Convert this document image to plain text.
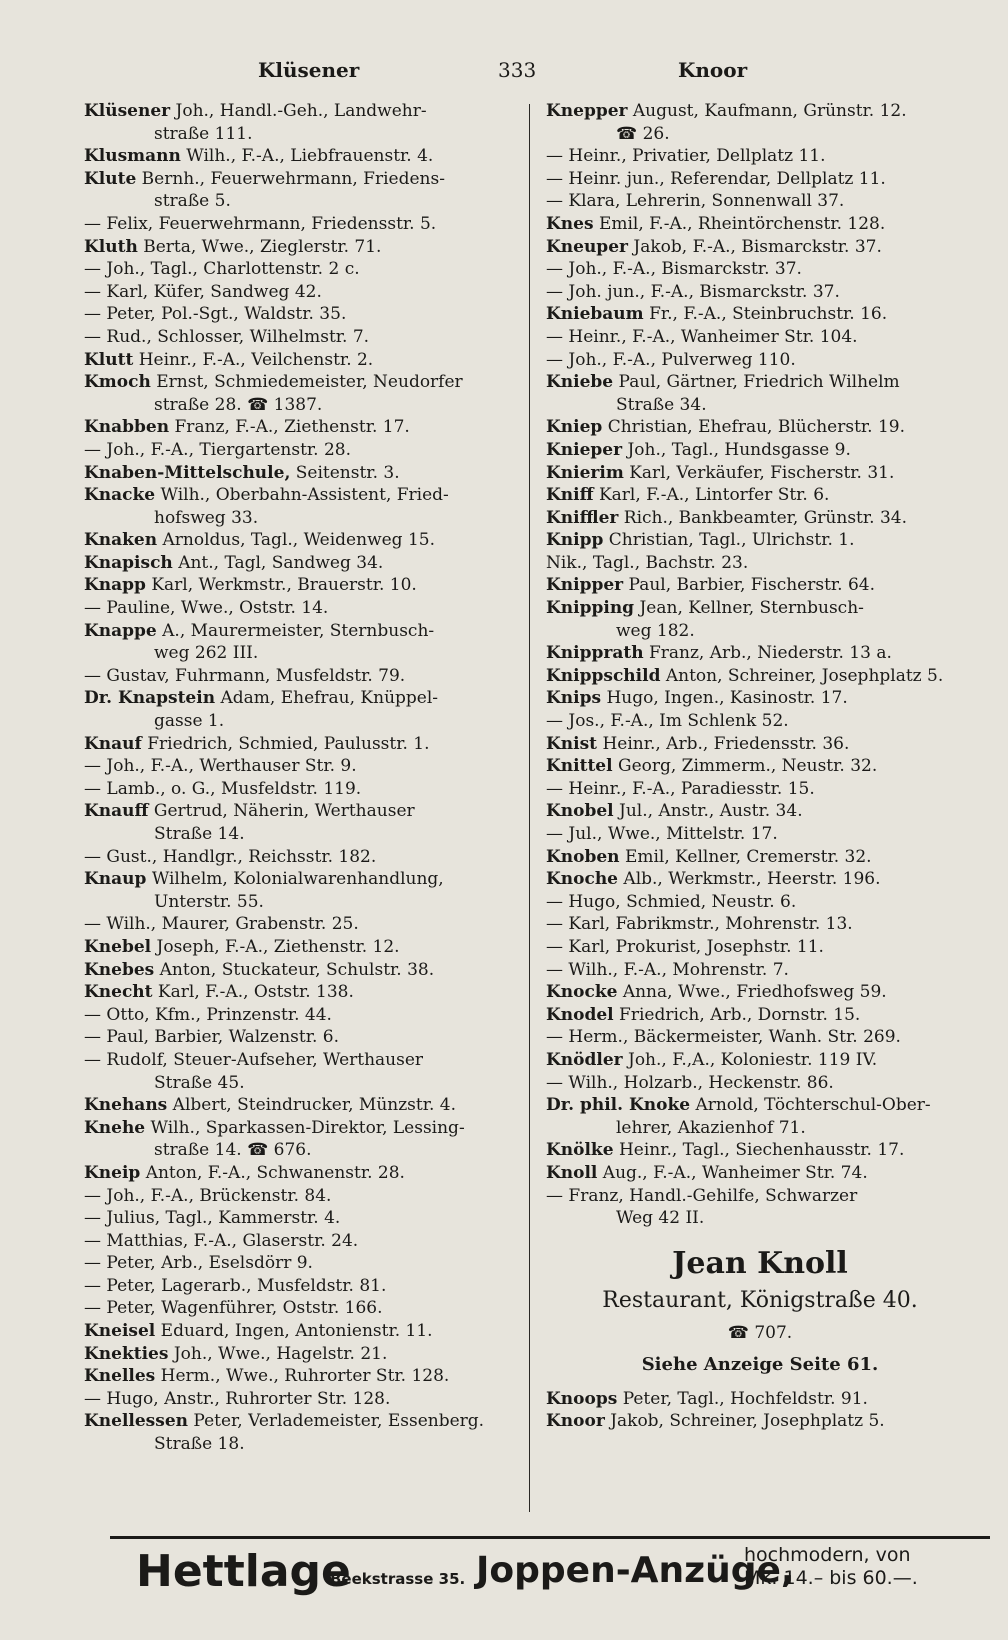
Klüsener	333	Knoor
Klüsener Joh., Handl.-Geh., Landwehr-
straße 111.
Klusmann Wilh., F.-A., Liebfrauenstr. 4.
Klute Bernh., Feuerwehrmann, Friedens-
straße 5.
— Felix, Feuerwehrmann, Friedensstr. 5.
Kluth Berta, Wwe., Zieglerstr. 71.
— Joh., Tagl., Charlottenstr. 2 c.
— Karl, Küfer, Sandweg 42.
— Peter, Pol.-Sgt., Waldstr. 35.
— Rud., Schlosser, Wilhelmstr. 7.
Klutt Heinr., F.-A., Veilchenstr. 2.
Kmoch Ernst, Schmiedemeister, Neudorfer
straße 28. ☎ 1387.
Knabben Franz, F.-A., Ziethenstr. 17.
— Joh., F.-A., Tiergartenstr. 28.
Knaben-Mittelschule, Seitenstr. 3.
Knacke Wilh., Oberbahn-Assistent, Fried-
hofsweg 33.
Knaken Arnoldus, Tagl., Weidenweg 15.
Knapisch Ant., Tagl, Sandweg 34.
Knapp Karl, Werkmstr., Brauerstr. 10.
— Pauline, Wwe., Oststr. 14.
Knappe A., Maurermeister, Sternbusch-
weg 262 III.
— Gustav, Fuhrmann, Musfeldstr. 79.
Dr. Knapstein Adam, Ehefrau, Knüppel-
gasse 1.
Knauf Friedrich, Schmied, Paulusstr. 1.
— Joh., F.-A., Werthauser Str. 9.
— Lamb., o. G., Musfeldstr. 119.
Knauff Gertrud, Näherin, Werthauser
Straße 14.
— Gust., Handlgr., Reichsstr. 182.
Knaup Wilhelm, Kolonialwarenhandlung,
Unterstr. 55.
— Wilh., Maurer, Grabenstr. 25.
Knebel Joseph, F.-A., Ziethenstr. 12.
Knebes Anton, Stuckateur, Schulstr. 38.
Knecht Karl, F.-A., Oststr. 138.
— Otto, Kfm., Prinzenstr. 44.
— Paul, Barbier, Walzenstr. 6.
— Rudolf, Steuer-Aufseher, Werthauser
Straße 45.
Knehans Albert, Steindrucker, Münzstr. 4.
Knehe Wilh., Sparkassen-Direktor, Lessing-
straße 14. ☎ 676.
Kneip Anton, F.-A., Schwanenstr. 28.
— Joh., F.-A., Brückenstr. 84.
— Julius, Tagl., Kammerstr. 4.
— Matthias, F.-A., Glaserstr. 24.
— Peter, Arb., Eselsdörr 9.
— Peter, Lagerarb., Musfeldstr. 81.
— Peter, Wagenführer, Oststr. 166.
Kneisel Eduard, Ingen, Antonienstr. 11.
Knekties Joh., Wwe., Hagelstr. 21.
Knelles Herm., Wwe., Ruhrorter Str. 128.
— Hugo, Anstr., Ruhrorter Str. 128.
Knellessen Peter, Verlademeister, Essenberg.
Straße 18.
Knepper August, Kaufmann, Grünstr. 12.
☎ 26.
— Heinr., Privatier, Dellplatz 11.
— Heinr. jun., Referendar, Dellplatz 11.
— Klara, Lehrerin, Sonnenwall 37.
Knes Emil, F.-A., Rheintörchenstr. 128.
Kneuper Jakob, F.-A., Bismarckstr. 37.
— Joh., F.-A., Bismarckstr. 37.
— Joh. jun., F.-A., Bismarckstr. 37.
Kniebaum Fr., F.-A., Steinbruchstr. 16.
— Heinr., F.-A., Wanheimer Str. 104.
— Joh., F.-A., Pulverweg 110.
Kniebe Paul, Gärtner, Friedrich Wilhelm
Straße 34.
Kniep Christian, Ehefrau, Blücherstr. 19.
Knieper Joh., Tagl., Hundsgasse 9.
Knierim Karl, Verkäufer, Fischerstr. 31.
Kniff Karl, F.-A., Lintorfer Str. 6.
Kniffler Rich., Bankbeamter, Grünstr. 34.
Knipp Christian, Tagl., Ulrichstr. 1.
Nik., Tagl., Bachstr. 23.
Knipper Paul, Barbier, Fischerstr. 64.
Knipping Jean, Kellner, Sternbusch-
weg 182.
Knipprath Franz, Arb., Niederstr. 13 a.
Knippschild Anton, Schreiner, Josephplatz 5.
Knips Hugo, Ingen., Kasinostr. 17.
— Jos., F.-A., Im Schlenk 52.
Knist Heinr., Arb., Friedensstr. 36.
Knittel Georg, Zimmerm., Neustr. 32.
— Heinr., F.-A., Paradiesstr. 15.
Knobel Jul., Anstr., Austr. 34.
— Jul., Wwe., Mittelstr. 17.
Knoben Emil, Kellner, Cremerstr. 32.
Knoche Alb., Werkmstr., Heerstr. 196.
— Hugo, Schmied, Neustr. 6.
— Karl, Fabrikmstr., Mohrenstr. 13.
— Karl, Prokurist, Josephstr. 11.
— Wilh., F.-A., Mohrenstr. 7.
Knocke Anna, Wwe., Friedhofsweg 59.
Knodel Friedrich, Arb., Dornstr. 15.
— Herm., Bäckermeister, Wanh. Str. 269.
Knödler Joh., F.,A., Koloniestr. 119 IV.
— Wilh., Holzarb., Heckenstr. 86.
Dr. phil. Knoke Arnold, Töchterschul-Ober-
lehrer, Akazienhof 71.
Knölke Heinr., Tagl., Siechenhausstr. 17.
Knoll Aug., F.-A., Wanheimer Str. 74.
— Franz, Handl.-Gehilfe, Schwarzer
Weg 42 II.
Jean Knoll
Restaurant, Königstraße 40.
☎ 707.
Siehe Anzeige Seite 61.
Knoops Peter, Tagl., Hochfeldstr. 91.
Knoor Jakob, Schreiner, Josephplatz 5.
Hettlage
Beekstrasse 35. Joppen-Anzüge,
hochmodern, von
Mk. 14.– bis 60.—.
